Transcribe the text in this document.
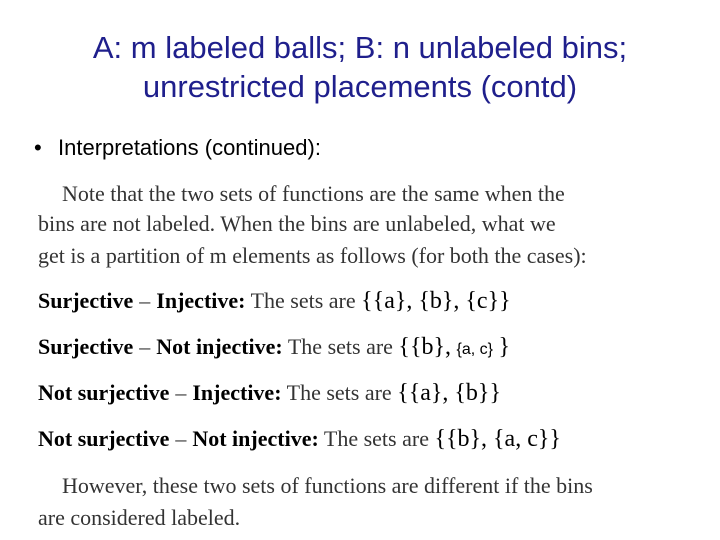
A: m labeled balls; B: n unlabeled bins;
unrestricted placements (contd)
• Interpretations (continued):
Note that the two sets of functions are the same when the
bins are not labeled. When the bins are unlabeled, what we
get is a partition of m elements as follows (for both the cases):
Surjective – Injective: The sets are {{a}, {b}, {c}}
Surjective – Not injective: The sets are {{b}, {a, c} }
Not surjective – Injective: The sets are {{a}, {b}}
Not surjective – Not injective: The sets are {{b}, {a, c}}
However, these two sets of functions are different if the bins
are considered labeled.
